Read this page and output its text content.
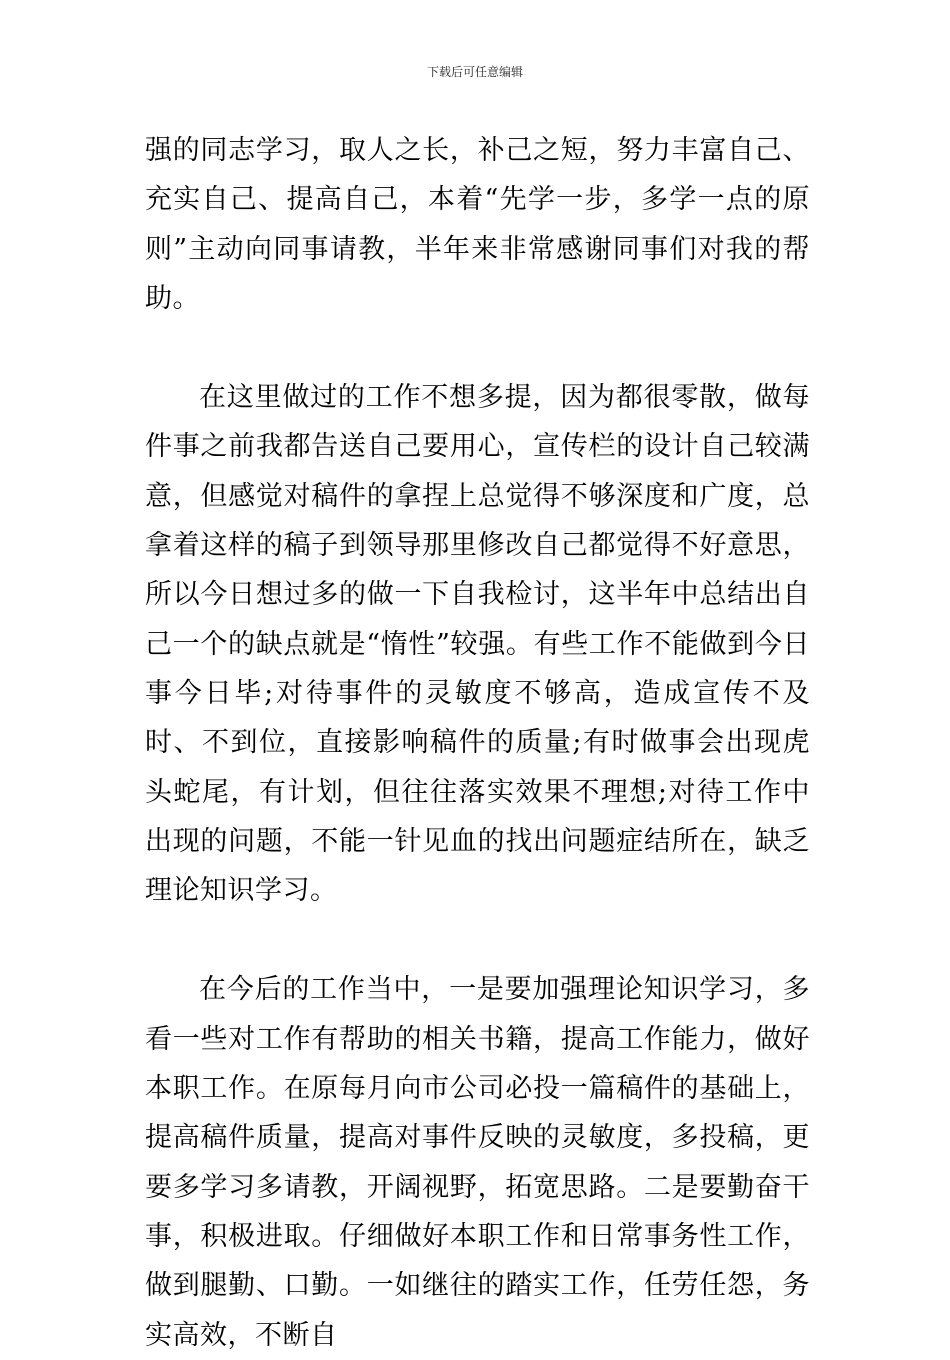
下载后可任意编辑

强的同志学习，取人之长，补己之短，努力丰富自己、充实自己、提高自己，本着“先学一步，多学一点的原则”主动向同事请教，半年来非常感谢同事们对我的帮助。

在这里做过的工作不想多提，因为都很零散，做每件事之前我都告送自己要用心，宣传栏的设计自己较满意，但感觉对稿件的拿捏上总觉得不够深度和广度，总拿着这样的稿子到领导那里修改自己都觉得不好意思，所以今日想过多的做一下自我检讨，这半年中总结出自己一个的缺点就是“惰性”较强。有些工作不能做到今日事今日毕;对待事件的灵敏度不够高，造成宣传不及时、不到位，直接影响稿件的质量;有时做事会出现虎 头蛇尾，有计划，但往往落实效果不理想;对待工作中出现的问题，不能一针见血的找出问题症结所在，缺乏理论知识学习。

在今后的工作当中，一是要加强理论知识学习，多看一些对工作有帮助的相关书籍，提高工作能力，做好本职工作。在原每月向市公司必投一篇稿件的基础上，提高稿件质量，提高对事件反映的灵敏度，多投稿，更要多学习多请教，开阔视野，拓宽思路。二是要勤奋干事，积极进取。仔细做好本职工作和日常事务性工作，做到腿勤、口勤。一如继往的踏实工作，任劳任怨，务实高效，不断自
